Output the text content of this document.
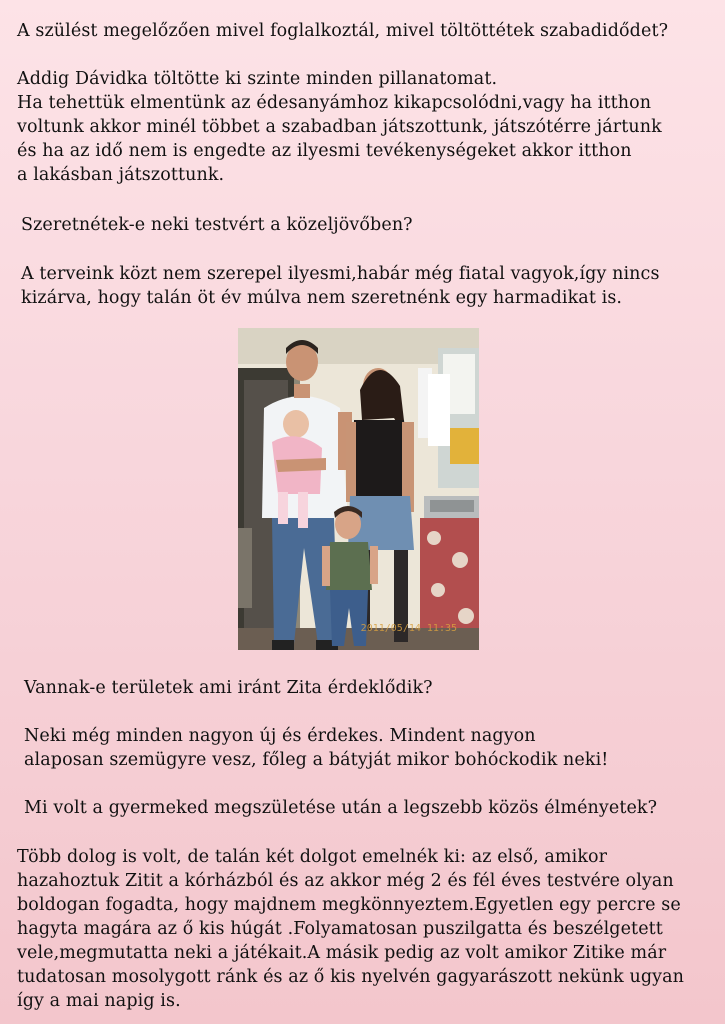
A szülést megelőzően mivel foglalkoztál, mivel töltöttétek szabadidődet?
Addig Dávidka töltötte ki szinte minden pillanatomat.
Ha tehettük elmentünk az édesanyámhoz kikapcsolódni,vagy ha itthon
voltunk akkor minél többet a szabadban játszottunk, játszótérre jártunk
és ha az idő nem is engedte az ilyesmi tevékenységeket akkor itthon
a lakásban játszottunk.
Szeretnétek-e neki testvért a közeljövőben?
A terveink közt nem szerepel ilyesmi,habár még fiatal vagyok,így nincs
kizárva, hogy talán öt év múlva nem szeretnénk egy harmadikat is.
2011/05/14 11:35
Vannak-e területek ami iránt Zita érdeklődik?
Neki még minden nagyon új és érdekes. Mindent nagyon
alaposan szemügyre vesz, főleg a bátyját mikor bohóckodik neki!
Mi volt a gyermeked megszületése után a legszebb közös élményetek?
Több dolog is volt, de talán két dolgot emelnék ki: az első, amikor
hazahoztuk Zitit a kórházból és az akkor még 2 és fél éves testvére olyan
boldogan fogadta, hogy majdnem megkönnyeztem.Egyetlen egy percre se
hagyta magára az ő kis húgát .Folyamatosan puszilgatta és beszélgetett
vele,megmutatta neki a játékait.A másik pedig az volt amikor Zitike már
tudatosan mosolygott ránk és az ő kis nyelvén gagyarászott nekünk ugyan
így a mai napig is.
